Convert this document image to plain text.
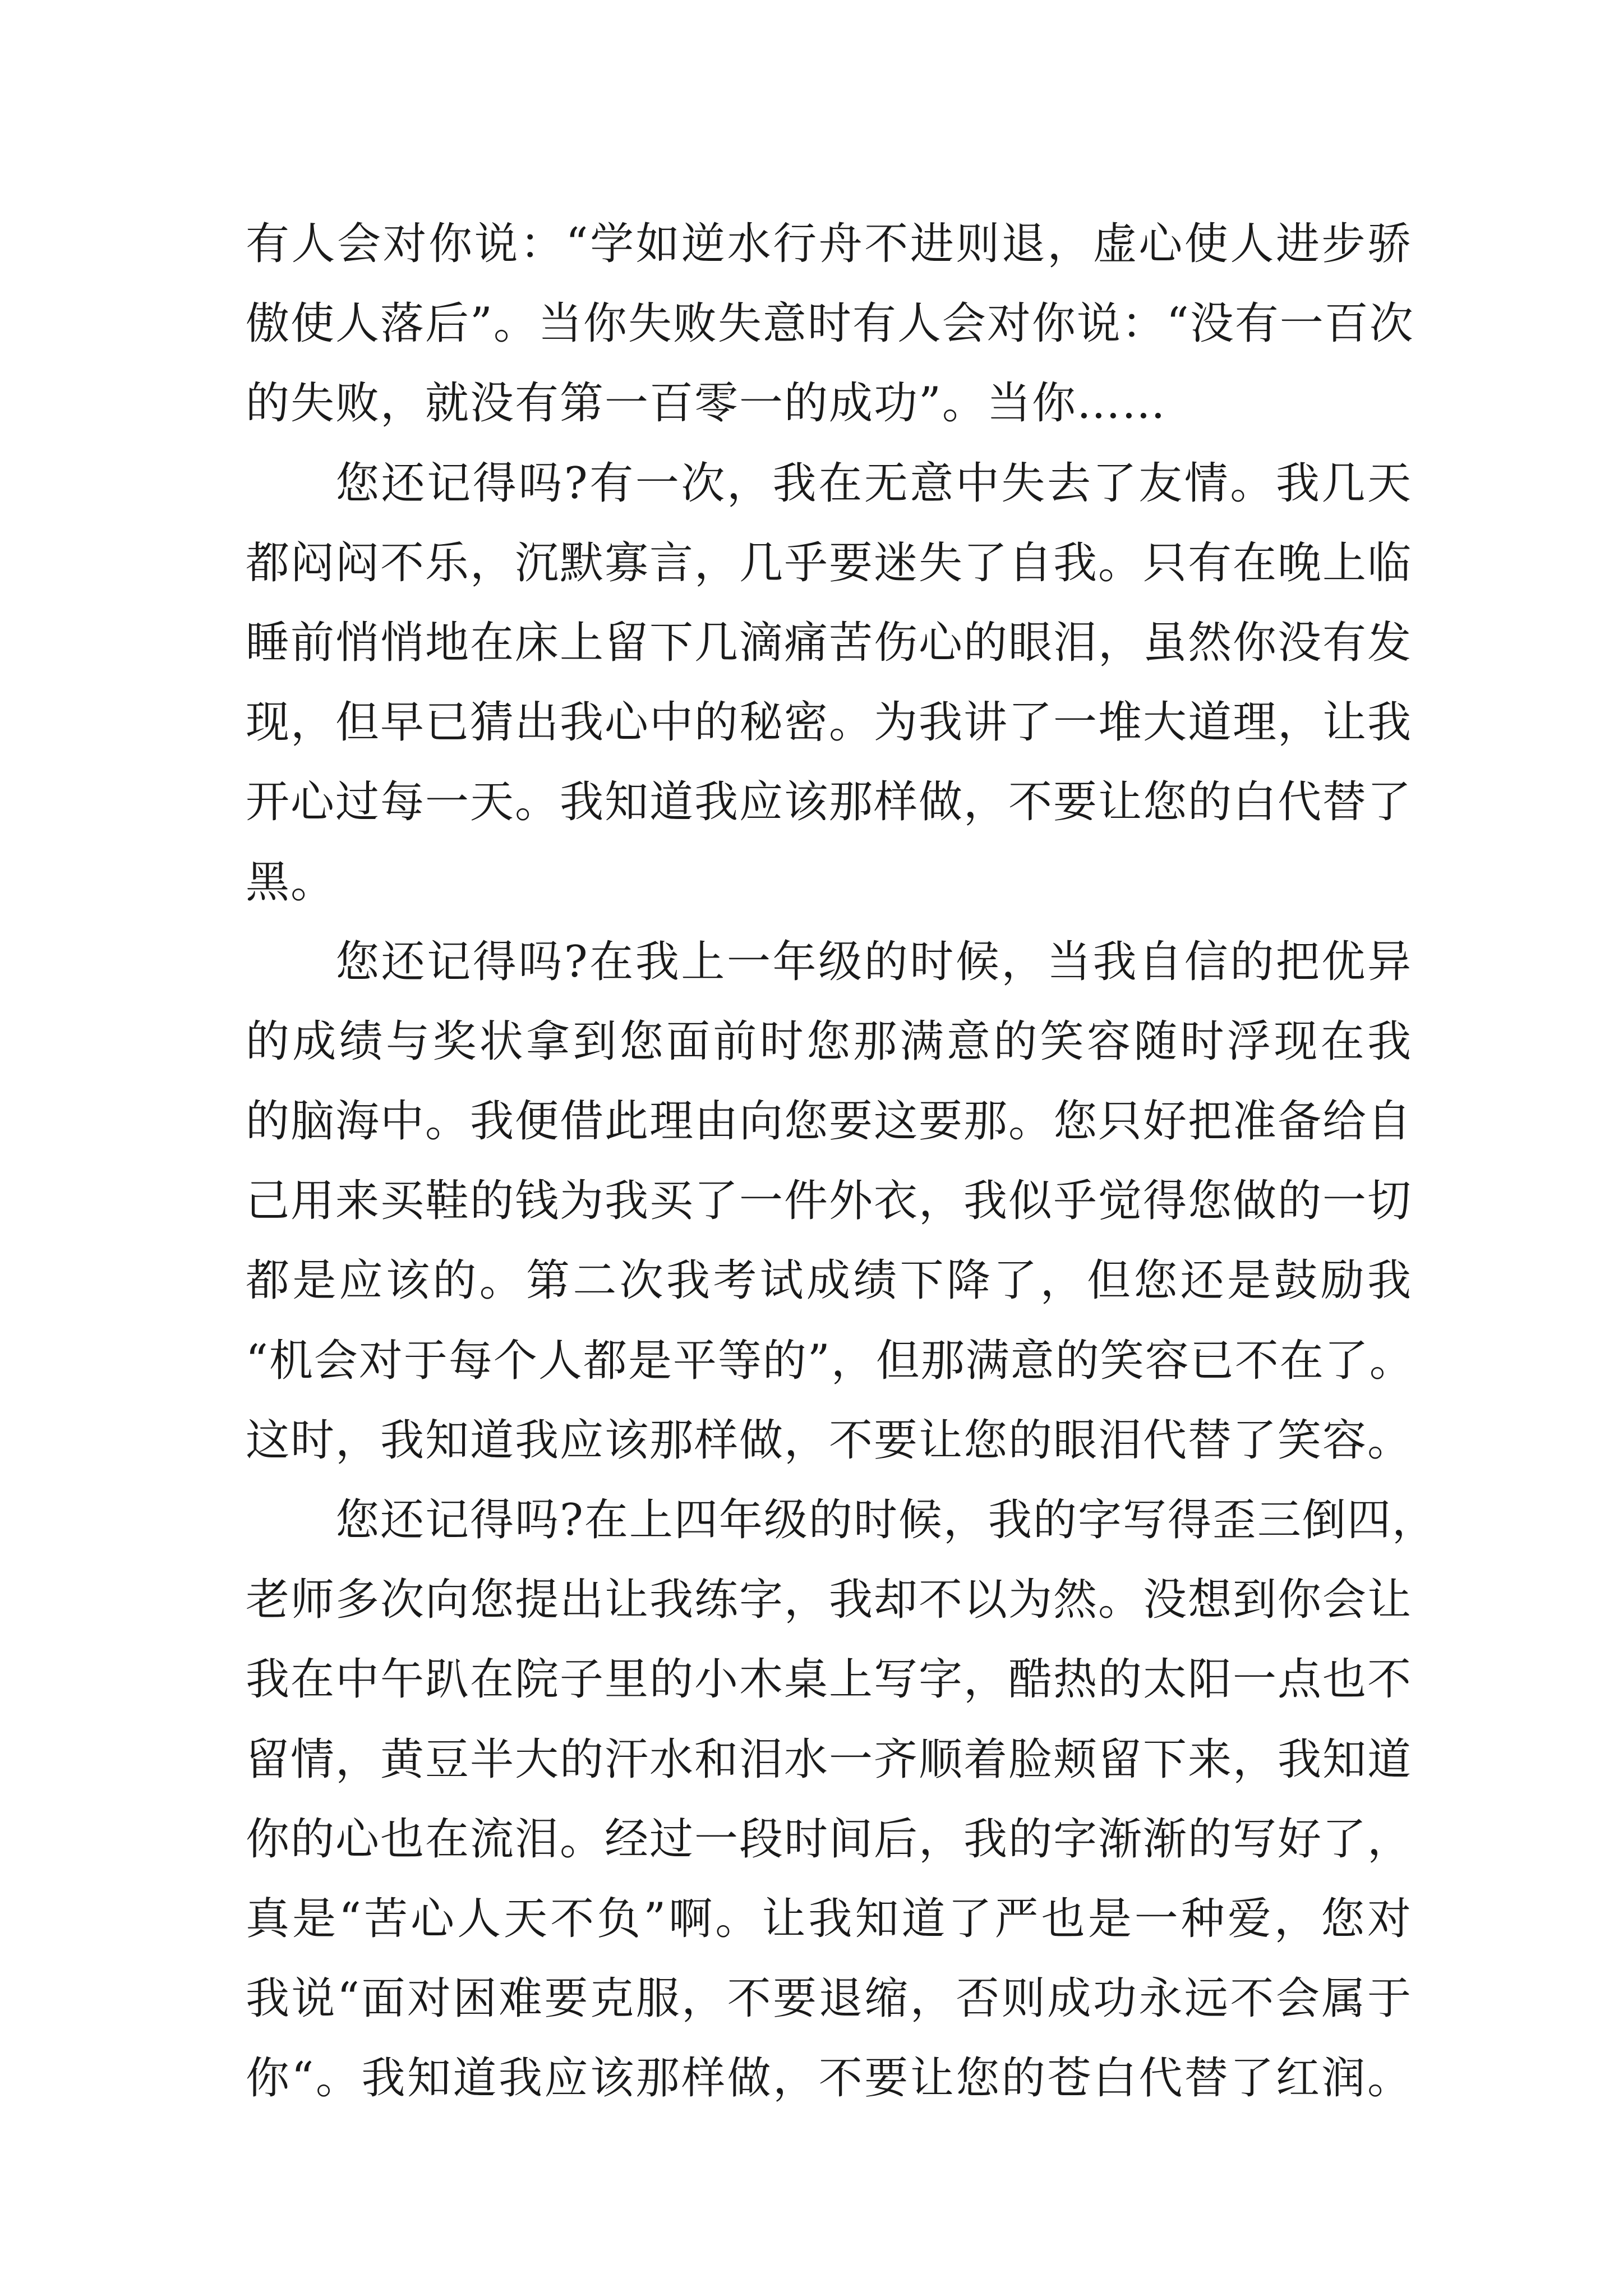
有人会对你说：“学如逆水行舟不进则退，虚心使人进步骄
傲使人落后”。当你失败失意时有人会对你说：“没有一百次
的失败，就没有第一百零一的成功”。当你……
您还记得吗?有一次，我在无意中失去了友情。我几天
都闷闷不乐，沉默寡言，几乎要迷失了自我。只有在晚上临
睡前悄悄地在床上留下几滴痛苦伤心的眼泪，虽然你没有发
现，但早已猜出我心中的秘密。为我讲了一堆大道理，让我
开心过每一天。我知道我应该那样做，不要让您的白代替了
黑。
您还记得吗?在我上一年级的时候，当我自信的把优异
的成绩与奖状拿到您面前时您那满意的笑容随时浮现在我
的脑海中。我便借此理由向您要这要那。您只好把准备给自
己用来买鞋的钱为我买了一件外衣，我似乎觉得您做的一切
都是应该的。第二次我考试成绩下降了，但您还是鼓励我
“机会对于每个人都是平等的”，但那满意的笑容已不在了。
这时，我知道我应该那样做，不要让您的眼泪代替了笑容。
您还记得吗?在上四年级的时候，我的字写得歪三倒四，
老师多次向您提出让我练字，我却不以为然。没想到你会让
我在中午趴在院子里的小木桌上写字，酷热的太阳一点也不
留情，黄豆半大的汗水和泪水一齐顺着脸颊留下来，我知道
你的心也在流泪。经过一段时间后，我的字渐渐的写好了，
真是“苦心人天不负”啊。让我知道了严也是一种爱，您对
我说“面对困难要克服，不要退缩，否则成功永远不会属于
你“。我知道我应该那样做，不要让您的苍白代替了红润。
